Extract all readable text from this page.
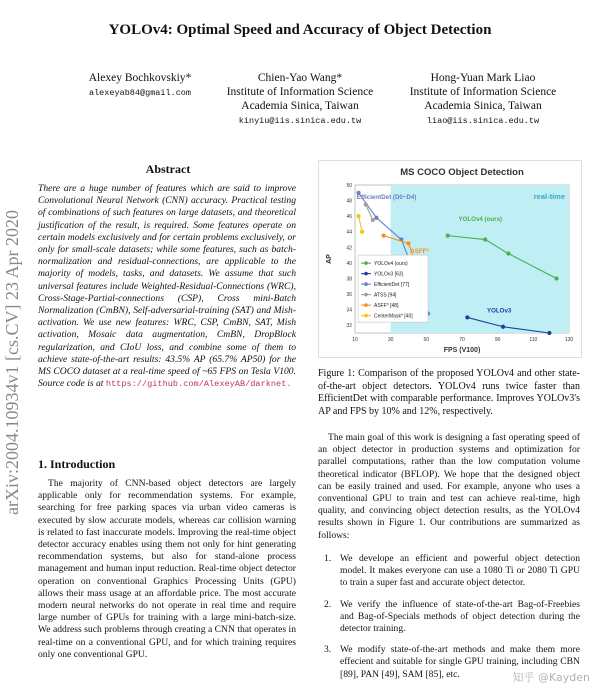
arXiv:2004.10934v1 [cs.CV] 23 Apr 2020
YOLOv4: Optimal Speed and Accuracy of Object Detection
Alexey Bochkovskiy*
alexeyab84@gmail.com
Chien-Yao Wang*
Institute of Information Science
Academia Sinica, Taiwan
kinyiu@iis.sinica.edu.tw
Hong-Yuan Mark Liao
Institute of Information Science
Academia Sinica, Taiwan
liao@iis.sinica.edu.tw
Abstract
There are a huge number of features which are said to improve Convolutional Neural Network (CNN) accuracy. Practical testing of combinations of such features on large datasets, and theoretical justification of the result, is required. Some features operate on certain models exclusively and for certain problems exclusively, or only for small-scale datasets; while some features, such as batch-normalization and residual-connections, are applicable to the majority of models, tasks, and datasets. We assume that such universal features include Weighted-Residual-Connections (WRC), Cross-Stage-Partial-connections (CSP), Cross mini-Batch Normalization (CmBN), Self-adversarial-training (SAT) and Mish-activation. We use new features: WRC, CSP, CmBN, SAT, Mish activation, Mosaic data augmentation, CmBN, DropBlock regularization, and CIoU loss, and combine some of them to achieve state-of-the-art results: 43.5% AP (65.7% AP50) for the MS COCO dataset at a real-time speed of ~65 FPS on Tesla V100. Source code is at https://github.com/AlexeyAB/darknet.
1. Introduction
The majority of CNN-based object detectors are largely applicable only for recommendation systems. For example, searching for free parking spaces via urban video cameras is executed by slow accurate models, whereas car collision warning is related to fast inaccurate models. Improving the real-time object detector accuracy enables using them not only for hint generating recommendation systems, but also for stand-alone process management and human input reduction. Real-time object detector operation on conventional Graphics Processing Units (GPU) allows their mass usage at an affordable price. The most accurate modern neural networks do not operate in real time and require large number of GPUs for training with a large mini-batch-size. We address such problems through creating a CNN that operates in real-time on a conventional GPU, and for which training requires only one conventional GPU.
real-time
MS COCO Object Detection
10	30	50	70	90	110	130
32
34
36
38
40
42
44
46
48
50
FPS (V100)
AP
EfficientDet (D0~D4)
YOLOv4 (ours)
ASFF*
YOLOv3
YOLOv4 (ours)
YOLOv3 [63]
EfficientDet [77]
ATSS [94]
ASFF* [48]
CenterMask* [40]
Figure 1: Comparison of the proposed YOLOv4 and other state-of-the-art object detectors. YOLOv4 runs twice faster than EfficientDet with comparable performance. Improves YOLOv3's AP and FPS by 10% and 12%, respectively.
The main goal of this work is designing a fast operating speed of an object detector in production systems and optimization for parallel computations, rather than the low computation volume theoretical indicator (BFLOP). We hope that the designed object can be easily trained and used. For example, anyone who uses a conventional GPU to train and test can achieve real-time, high quality, and convincing object detection results, as the YOLOv4 results shown in Figure 1. Our contributions are summarized as follows:
1. We develope an efficient and powerful object detection model. It makes everyone can use a 1080 Ti or 2080 Ti GPU to train a super fast and accurate object detector.
2. We verify the influence of state-of-the-art Bag-of-Freebies and Bag-of-Specials methods of object detection during the detector training.
3. We modify state-of-the-art methods and make them more effecient and suitable for single GPU training, including CBN [89], PAN [49], SAM [85], etc.	知乎 @Kayden
